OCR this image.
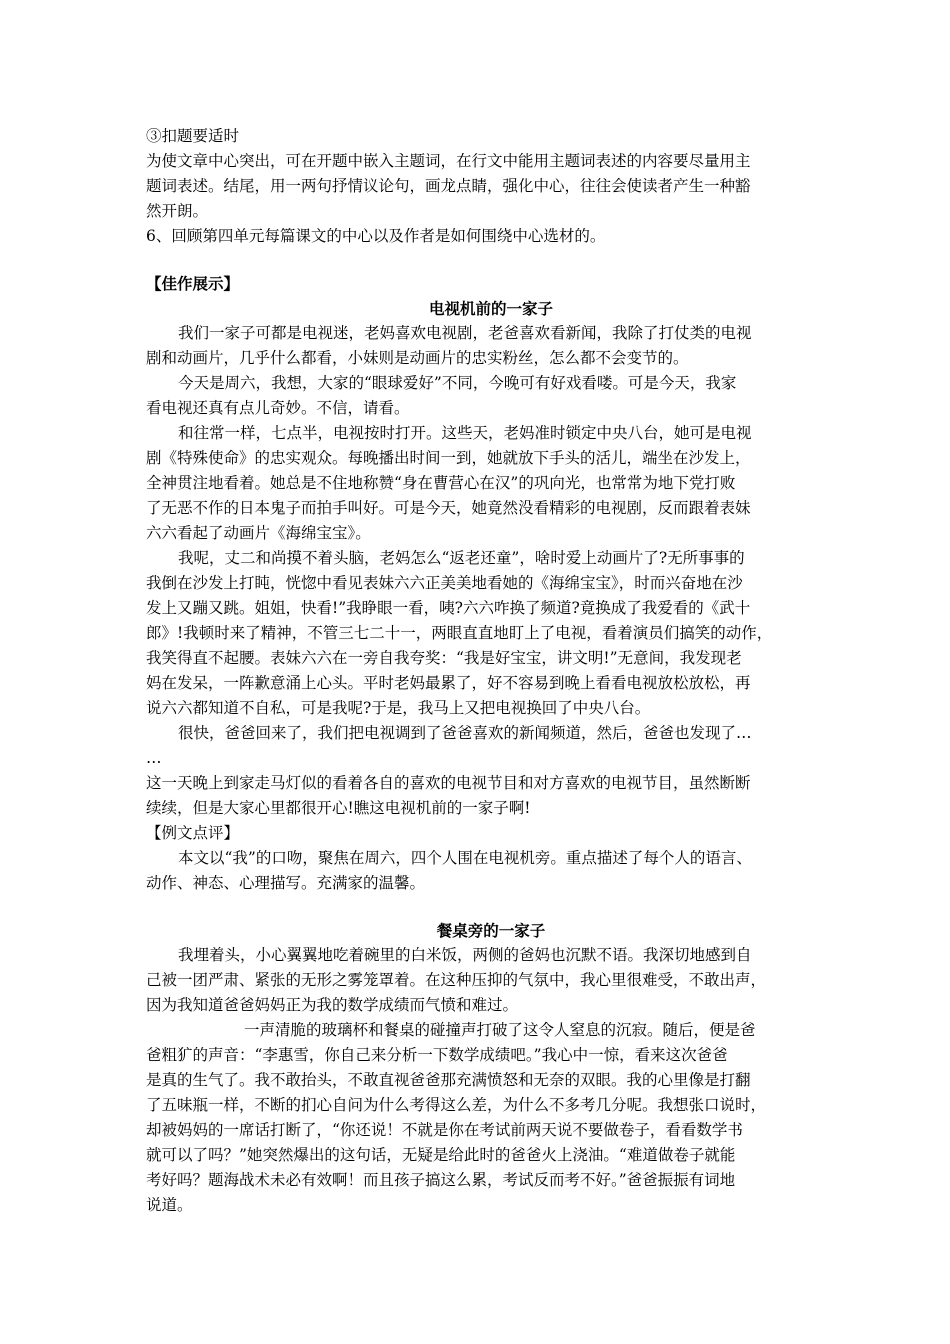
③扣题要适时
为使文章中心突出，可在开题中嵌入主题词，在行文中能用主题词表述的内容要尽量用主
题词表述。结尾，用一两句抒情议论句，画龙点睛，强化中心，往往会使读者产生一种豁
然开朗。
6、回顾第四单元每篇课文的中心以及作者是如何围绕中心选材的。
【佳作展示】
电视机前的一家子
我们一家子可都是电视迷，老妈喜欢电视剧，老爸喜欢看新闻，我除了打仗类的电视
剧和动画片，几乎什么都看，小妹则是动画片的忠实粉丝，怎么都不会变节的。
今天是周六，我想，大家的“眼球爱好”不同，今晚可有好戏看喽。可是今天，我家
看电视还真有点儿奇妙。不信，请看。
和往常一样，七点半，电视按时打开。这些天，老妈准时锁定中央八台，她可是电视
剧《特殊使命》的忠实观众。每晚播出时间一到，她就放下手头的活儿，端坐在沙发上，
全神贯注地看着。她总是不住地称赞“身在曹营心在汉”的巩向光，也常常为地下党打败
了无恶不作的日本鬼子而拍手叫好。可是今天，她竟然没看精彩的电视剧，反而跟着表妹
六六看起了动画片《海绵宝宝》。
我呢，丈二和尚摸不着头脑，老妈怎么“返老还童”，啥时爱上动画片了?无所事事的
我倒在沙发上打盹，恍惚中看见表妹六六正美美地看她的《海绵宝宝》，时而兴奋地在沙
发上又蹦又跳。姐姐，快看!”我睁眼一看，咦?六六咋换了频道?竟换成了我爱看的《武十
郎》!我顿时来了精神，不管三七二十一，两眼直直地盯上了电视，看着演员们搞笑的动作，
我笑得直不起腰。表妹六六在一旁自我夸奖：“我是好宝宝，讲文明!”无意间，我发现老
妈在发呆，一阵歉意涌上心头。平时老妈最累了，好不容易到晚上看看电视放松放松，再
说六六都知道不自私，可是我呢?于是，我马上又把电视换回了中央八台。
很快，爸爸回来了，我们把电视调到了爸爸喜欢的新闻频道，然后，爸爸也发现了…
…
这一天晚上到家走马灯似的看着各自的喜欢的电视节目和对方喜欢的电视节目，虽然断断
续续，但是大家心里都很开心!瞧这电视机前的一家子啊!
【例文点评】
本文以“我”的口吻，聚焦在周六，四个人围在电视机旁。重点描述了每个人的语言、
动作、神态、心理描写。充满家的温馨。
餐桌旁的一家子
我埋着头，小心翼翼地吃着碗里的白米饭，两侧的爸妈也沉默不语。我深切地感到自
己被一团严肃、紧张的无形之雾笼罩着。在这种压抑的气氛中，我心里很难受，不敢出声，
因为我知道爸爸妈妈正为我的数学成绩而气愤和难过。
一声清脆的玻璃杯和餐桌的碰撞声打破了这令人窒息的沉寂。随后，便是爸
爸粗犷的声音：“李惠雪，你自己来分析一下数学成绩吧。”我心中一惊，看来这次爸爸
是真的生气了。我不敢抬头，不敢直视爸爸那充满愤怒和无奈的双眼。我的心里像是打翻
了五味瓶一样，不断的扪心自问为什么考得这么差，为什么不多考几分呢。我想张口说时，
却被妈妈的一席话打断了，“你还说！不就是你在考试前两天说不要做卷子，看看数学书
就可以了吗？”她突然爆出的这句话，无疑是给此时的爸爸火上浇油。“难道做卷子就能
考好吗？题海战术未必有效啊！而且孩子搞这么累，考试反而考不好。”爸爸振振有词地
说道。
